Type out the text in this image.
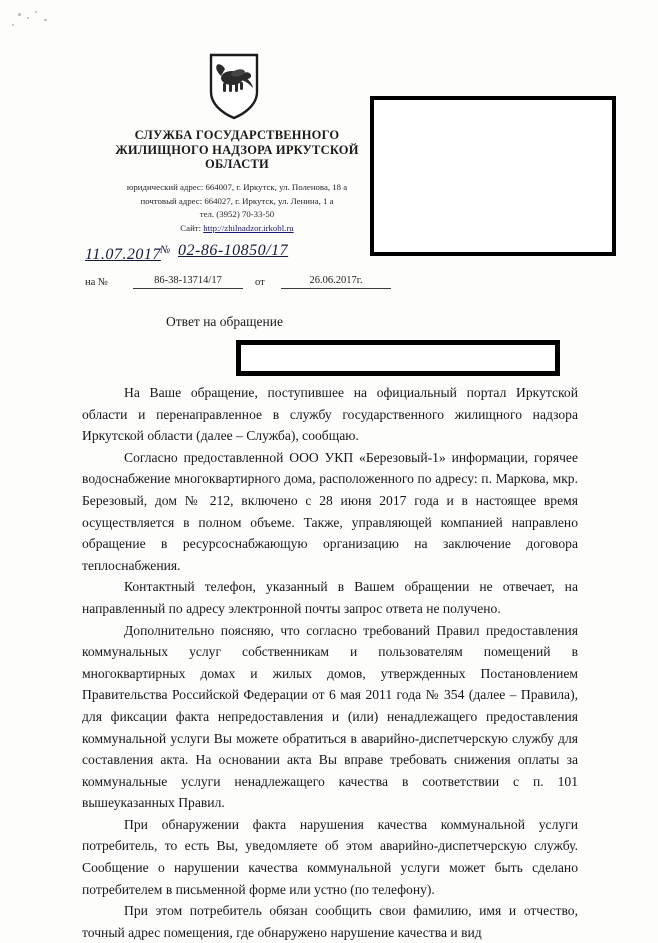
СЛУЖБА ГОСУДАРСТВЕННОГО ЖИЛИЩНОГО НАДЗОРА ИРКУТСКОЙ ОБЛАСТИ
юридический адрес: 664007, г. Иркутск, ул. Поленова, 18 а
почтовый адрес: 664027, г. Иркутск, ул. Ленина, 1 а
тел. (3952) 70-33-50
Сайт: http://zhilnadzor.irkobl.ru
11.07.2017 № 02-86-10850/17
на №	86-38-13714/17	от	26.06.2017г.
Ответ на обращение

На Ваше обращение, поступившее на официальный портал Иркутской области и перенаправленное в службу государственного жилищного надзора Иркутской области (далее – Служба), сообщаю.

Согласно предоставленной ООО УКП «Березовый-1» информации, горячее водоснабжение многоквартирного дома, расположенного по адресу: п. Маркова, мкр. Березовый, дом № 212, включено с 28 июня 2017 года и в настоящее время осуществляется в полном объеме. Также, управляющей компанией направлено обращение в ресурсоснабжающую организацию на заключение договора теплоснабжения.

Контактный телефон, указанный в Вашем обращении не отвечает, на направленный по адресу электронной почты запрос ответа не получено.

Дополнительно поясняю, что согласно требований Правил предоставления коммунальных услуг собственникам и пользователям помещений в многоквартирных домах и жилых домов, утвержденных Постановлением Правительства Российской Федерации от 6 мая 2011 года № 354 (далее – Правила), для фиксации факта непредоставления и (или) ненадлежащего предоставления коммунальной услуги Вы можете обратиться в аварийно-диспетчерскую службу для составления акта. На основании акта Вы вправе требовать снижения оплаты за коммунальные услуги ненадлежащего качества в соответствии с п. 101 вышеуказанных Правил.

При обнаружении факта нарушения качества коммунальной услуги потребитель, то есть Вы, уведомляете об этом аварийно-диспетчерскую службу. Сообщение о нарушении качества коммунальной услуги может быть сделано потребителем в письменной форме или устно (по телефону).

При этом потребитель обязан сообщить свои фамилию, имя и отчество, точный адрес помещения, где обнаружено нарушение качества и вид
